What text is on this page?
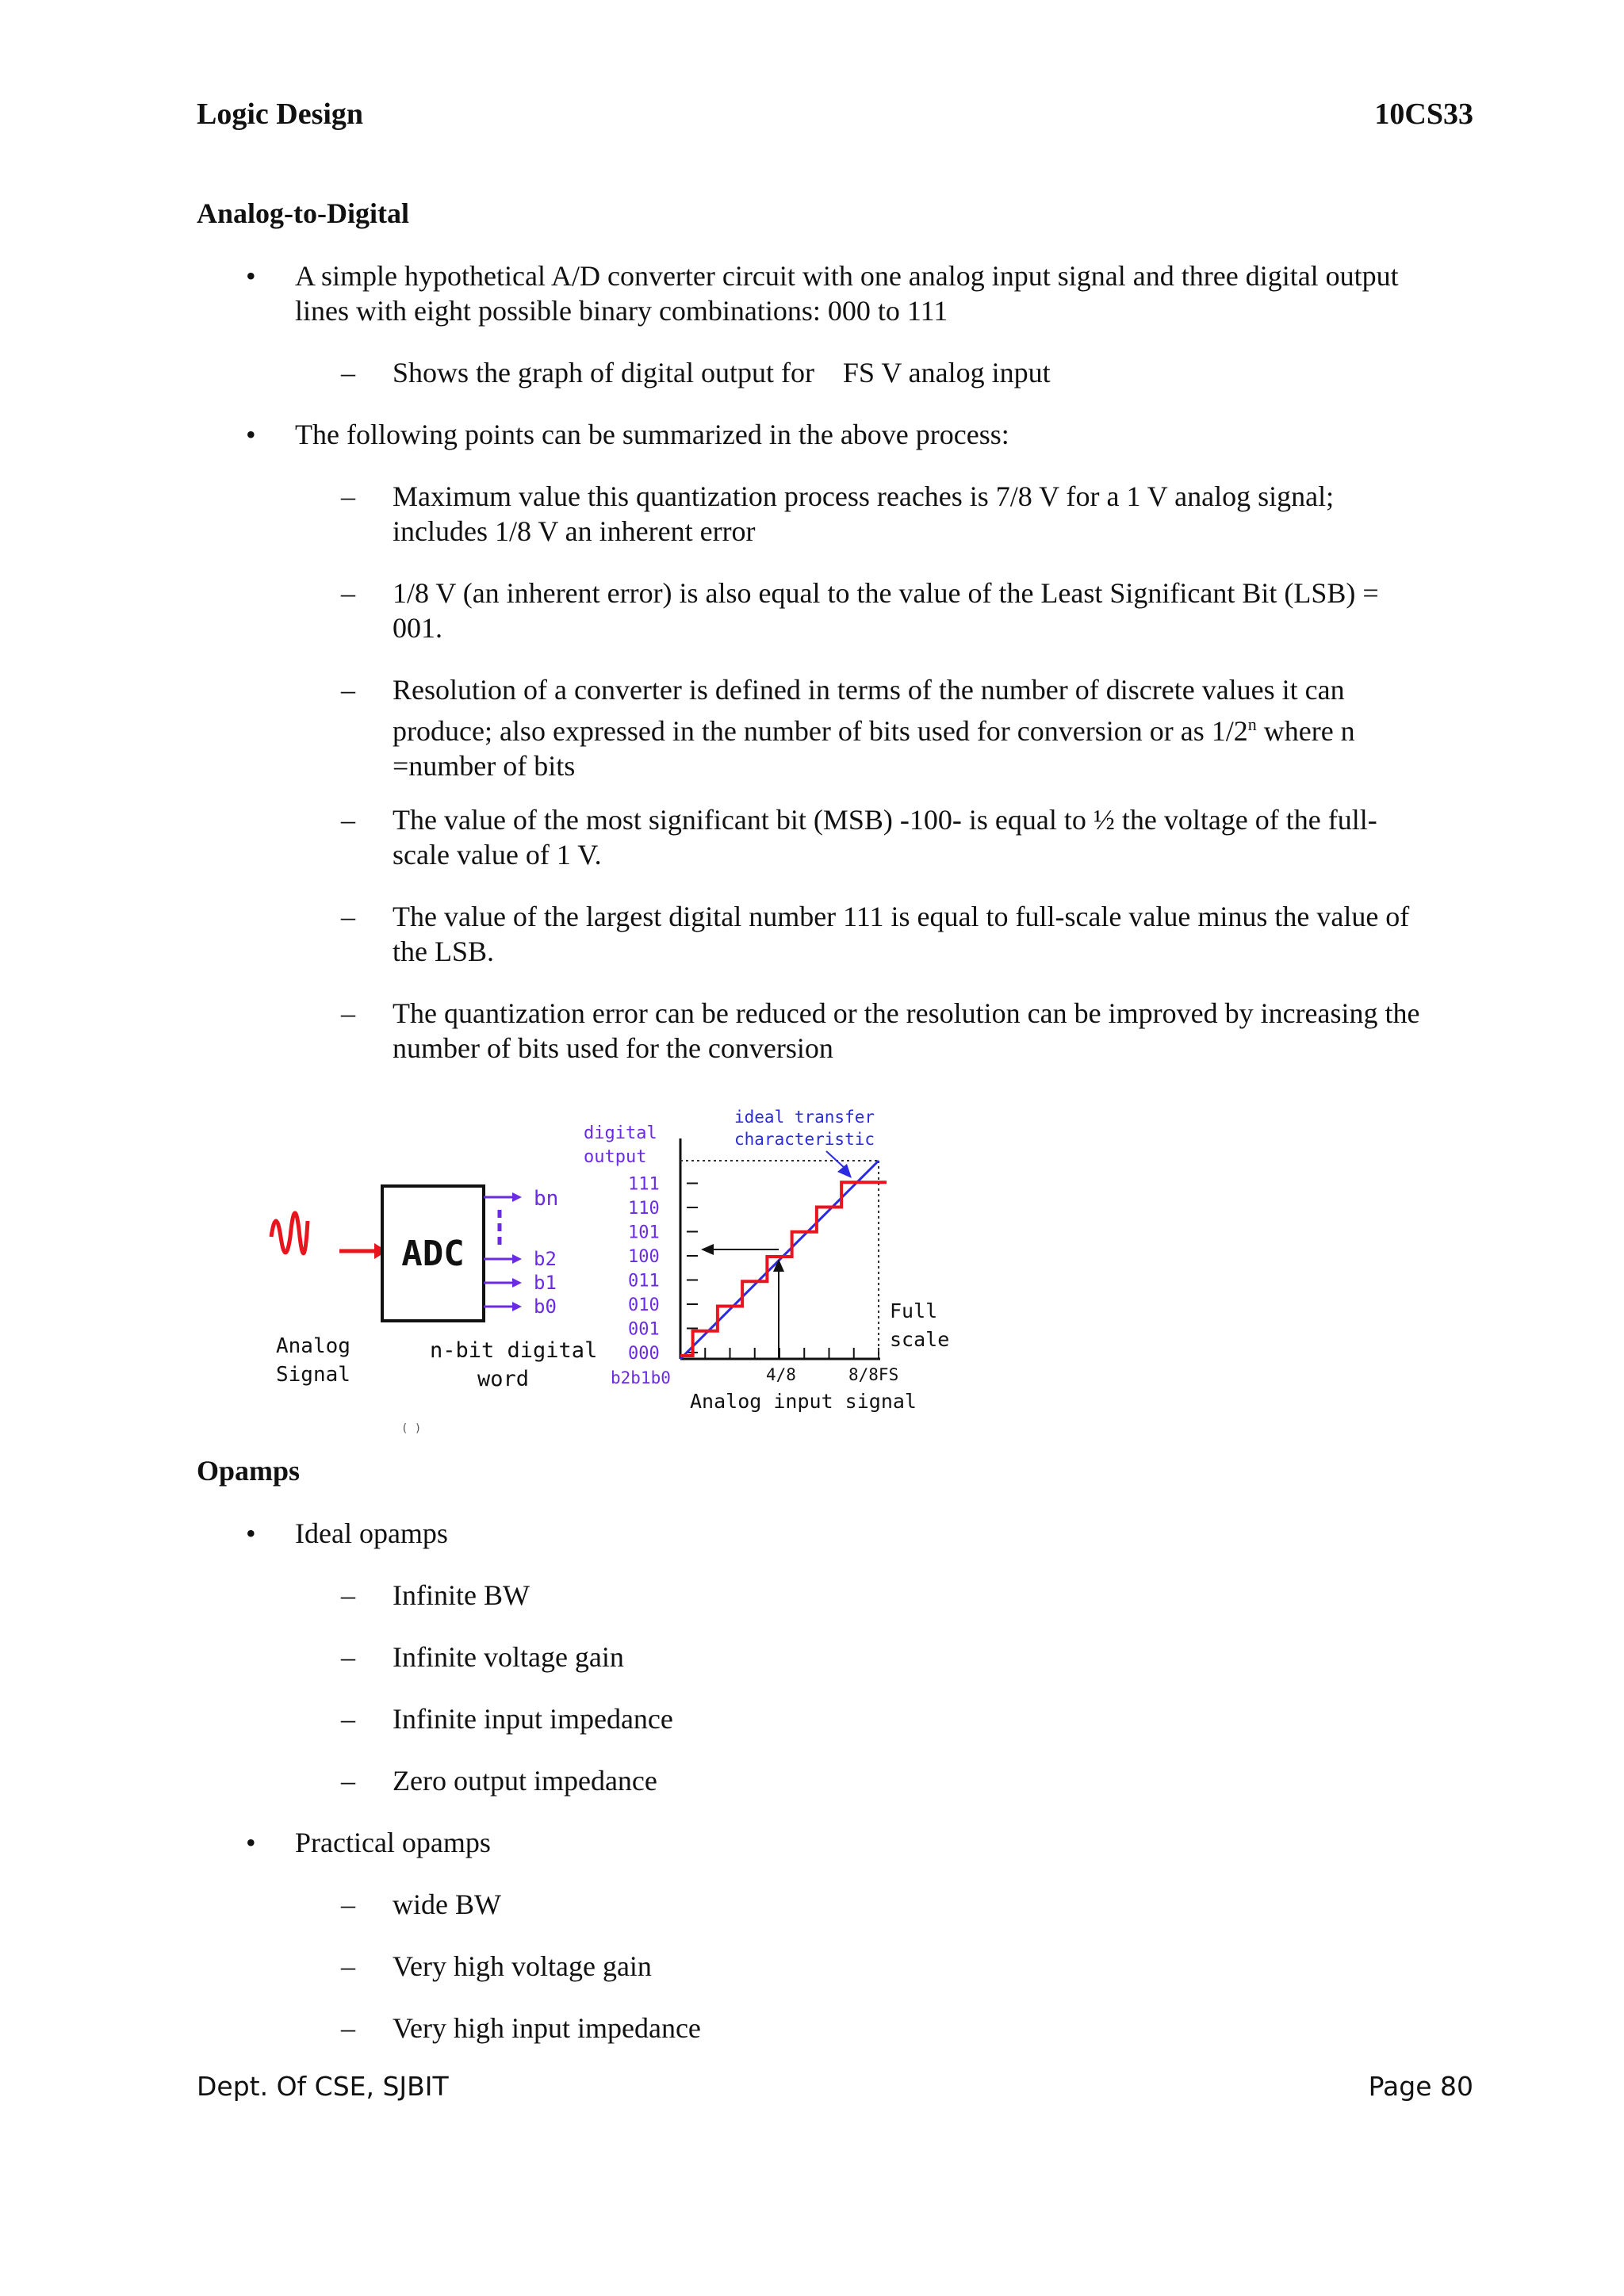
Logic Design	10CS33
Analog-to-Digital
•	A simple hypothetical A/D converter circuit with one analog input signal and three digital output lines with eight possible binary combinations: 000 to 111
–	Shows the graph of digital output for    FS V analog input
•	The following points can be summarized in the above process:
–	Maximum value this quantization process reaches is 7/8 V for a 1 V analog signal; includes 1/8 V an inherent error
–	1/8 V (an inherent error) is also equal to the value of the Least Significant Bit (LSB) = 001.
–	Resolution of a converter is defined in terms of the number of discrete values it can produce; also expressed in the number of bits used for conversion or as 1/2$^n$ where n =number of bits
–	The value of the most significant bit (MSB) -100- is equal to ½ the voltage of the full-scale value of 1 V.
–	The value of the largest digital number 111 is equal to full-scale value minus the value of the LSB.
–	The quantization error can be reduced or the resolution can be improved by increasing the number of bits used for the conversion
ADC
bn
b2
b1
b0
Analog
Signal
n-bit digital
word
digital
output
111
110
101
100
011
010
001
000
b2b1b0
ideal transfer
characteristic
4/8	8/8FS
Full
scale
Analog input signal
( )
Opamps
•	Ideal opamps
–	Infinite BW
–	Infinite voltage gain
–	Infinite input impedance
–	Zero output impedance
•	Practical opamps
–	wide BW
–	Very high voltage gain
–	Very high input impedance
Dept. Of CSE, SJBIT	Page 80
